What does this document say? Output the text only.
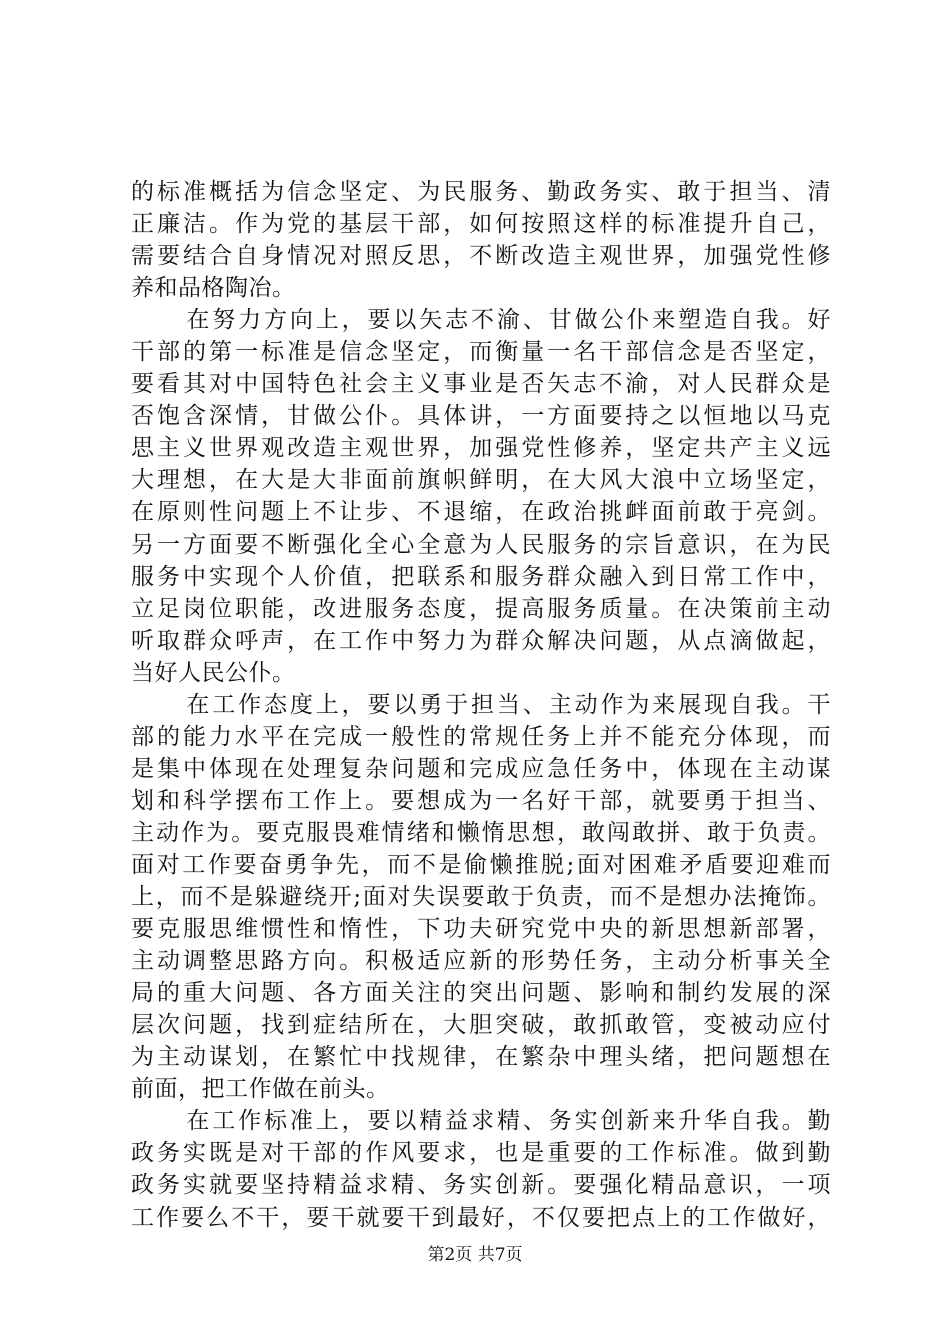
的标准概括为信念坚定、为民服务、勤政务实、敢于担当、清
正廉洁。作为党的基层干部，如何按照这样的标准提升自己，
需要结合自身情况对照反思，不断改造主观世界，加强党性修
养和品格陶冶。
在努力方向上，要以矢志不渝、甘做公仆来塑造自我。好
干部的第一标准是信念坚定，而衡量一名干部信念是否坚定，
要看其对中国特色社会主义事业是否矢志不渝，对人民群众是
否饱含深情，甘做公仆。具体讲，一方面要持之以恒地以马克
思主义世界观改造主观世界，加强党性修养，坚定共产主义远
大理想，在大是大非面前旗帜鲜明，在大风大浪中立场坚定，
在原则性问题上不让步、不退缩，在政治挑衅面前敢于亮剑。
另一方面要不断强化全心全意为人民服务的宗旨意识，在为民
服务中实现个人价值，把联系和服务群众融入到日常工作中，
立足岗位职能，改进服务态度，提高服务质量。在决策前主动
听取群众呼声，在工作中努力为群众解决问题，从点滴做起，
当好人民公仆。
在工作态度上，要以勇于担当、主动作为来展现自我。干
部的能力水平在完成一般性的常规任务上并不能充分体现，而
是集中体现在处理复杂问题和完成应急任务中，体现在主动谋
划和科学摆布工作上。要想成为一名好干部，就要勇于担当、
主动作为。要克服畏难情绪和懒惰思想，敢闯敢拼、敢于负责。
面对工作要奋勇争先，而不是偷懒推脱;面对困难矛盾要迎难而
上，而不是躲避绕开;面对失误要敢于负责，而不是想办法掩饰。
要克服思维惯性和惰性，下功夫研究党中央的新思想新部署，
主动调整思路方向。积极适应新的形势任务，主动分析事关全
局的重大问题、各方面关注的突出问题、影响和制约发展的深
层次问题，找到症结所在，大胆突破，敢抓敢管，变被动应付
为主动谋划，在繁忙中找规律，在繁杂中理头绪，把问题想在
前面，把工作做在前头。
在工作标准上，要以精益求精、务实创新来升华自我。勤
政务实既是对干部的作风要求，也是重要的工作标准。做到勤
政务实就要坚持精益求精、务实创新。要强化精品意识，一项
工作要么不干，要干就要干到最好，不仅要把点上的工作做好，
第2页 共7页
